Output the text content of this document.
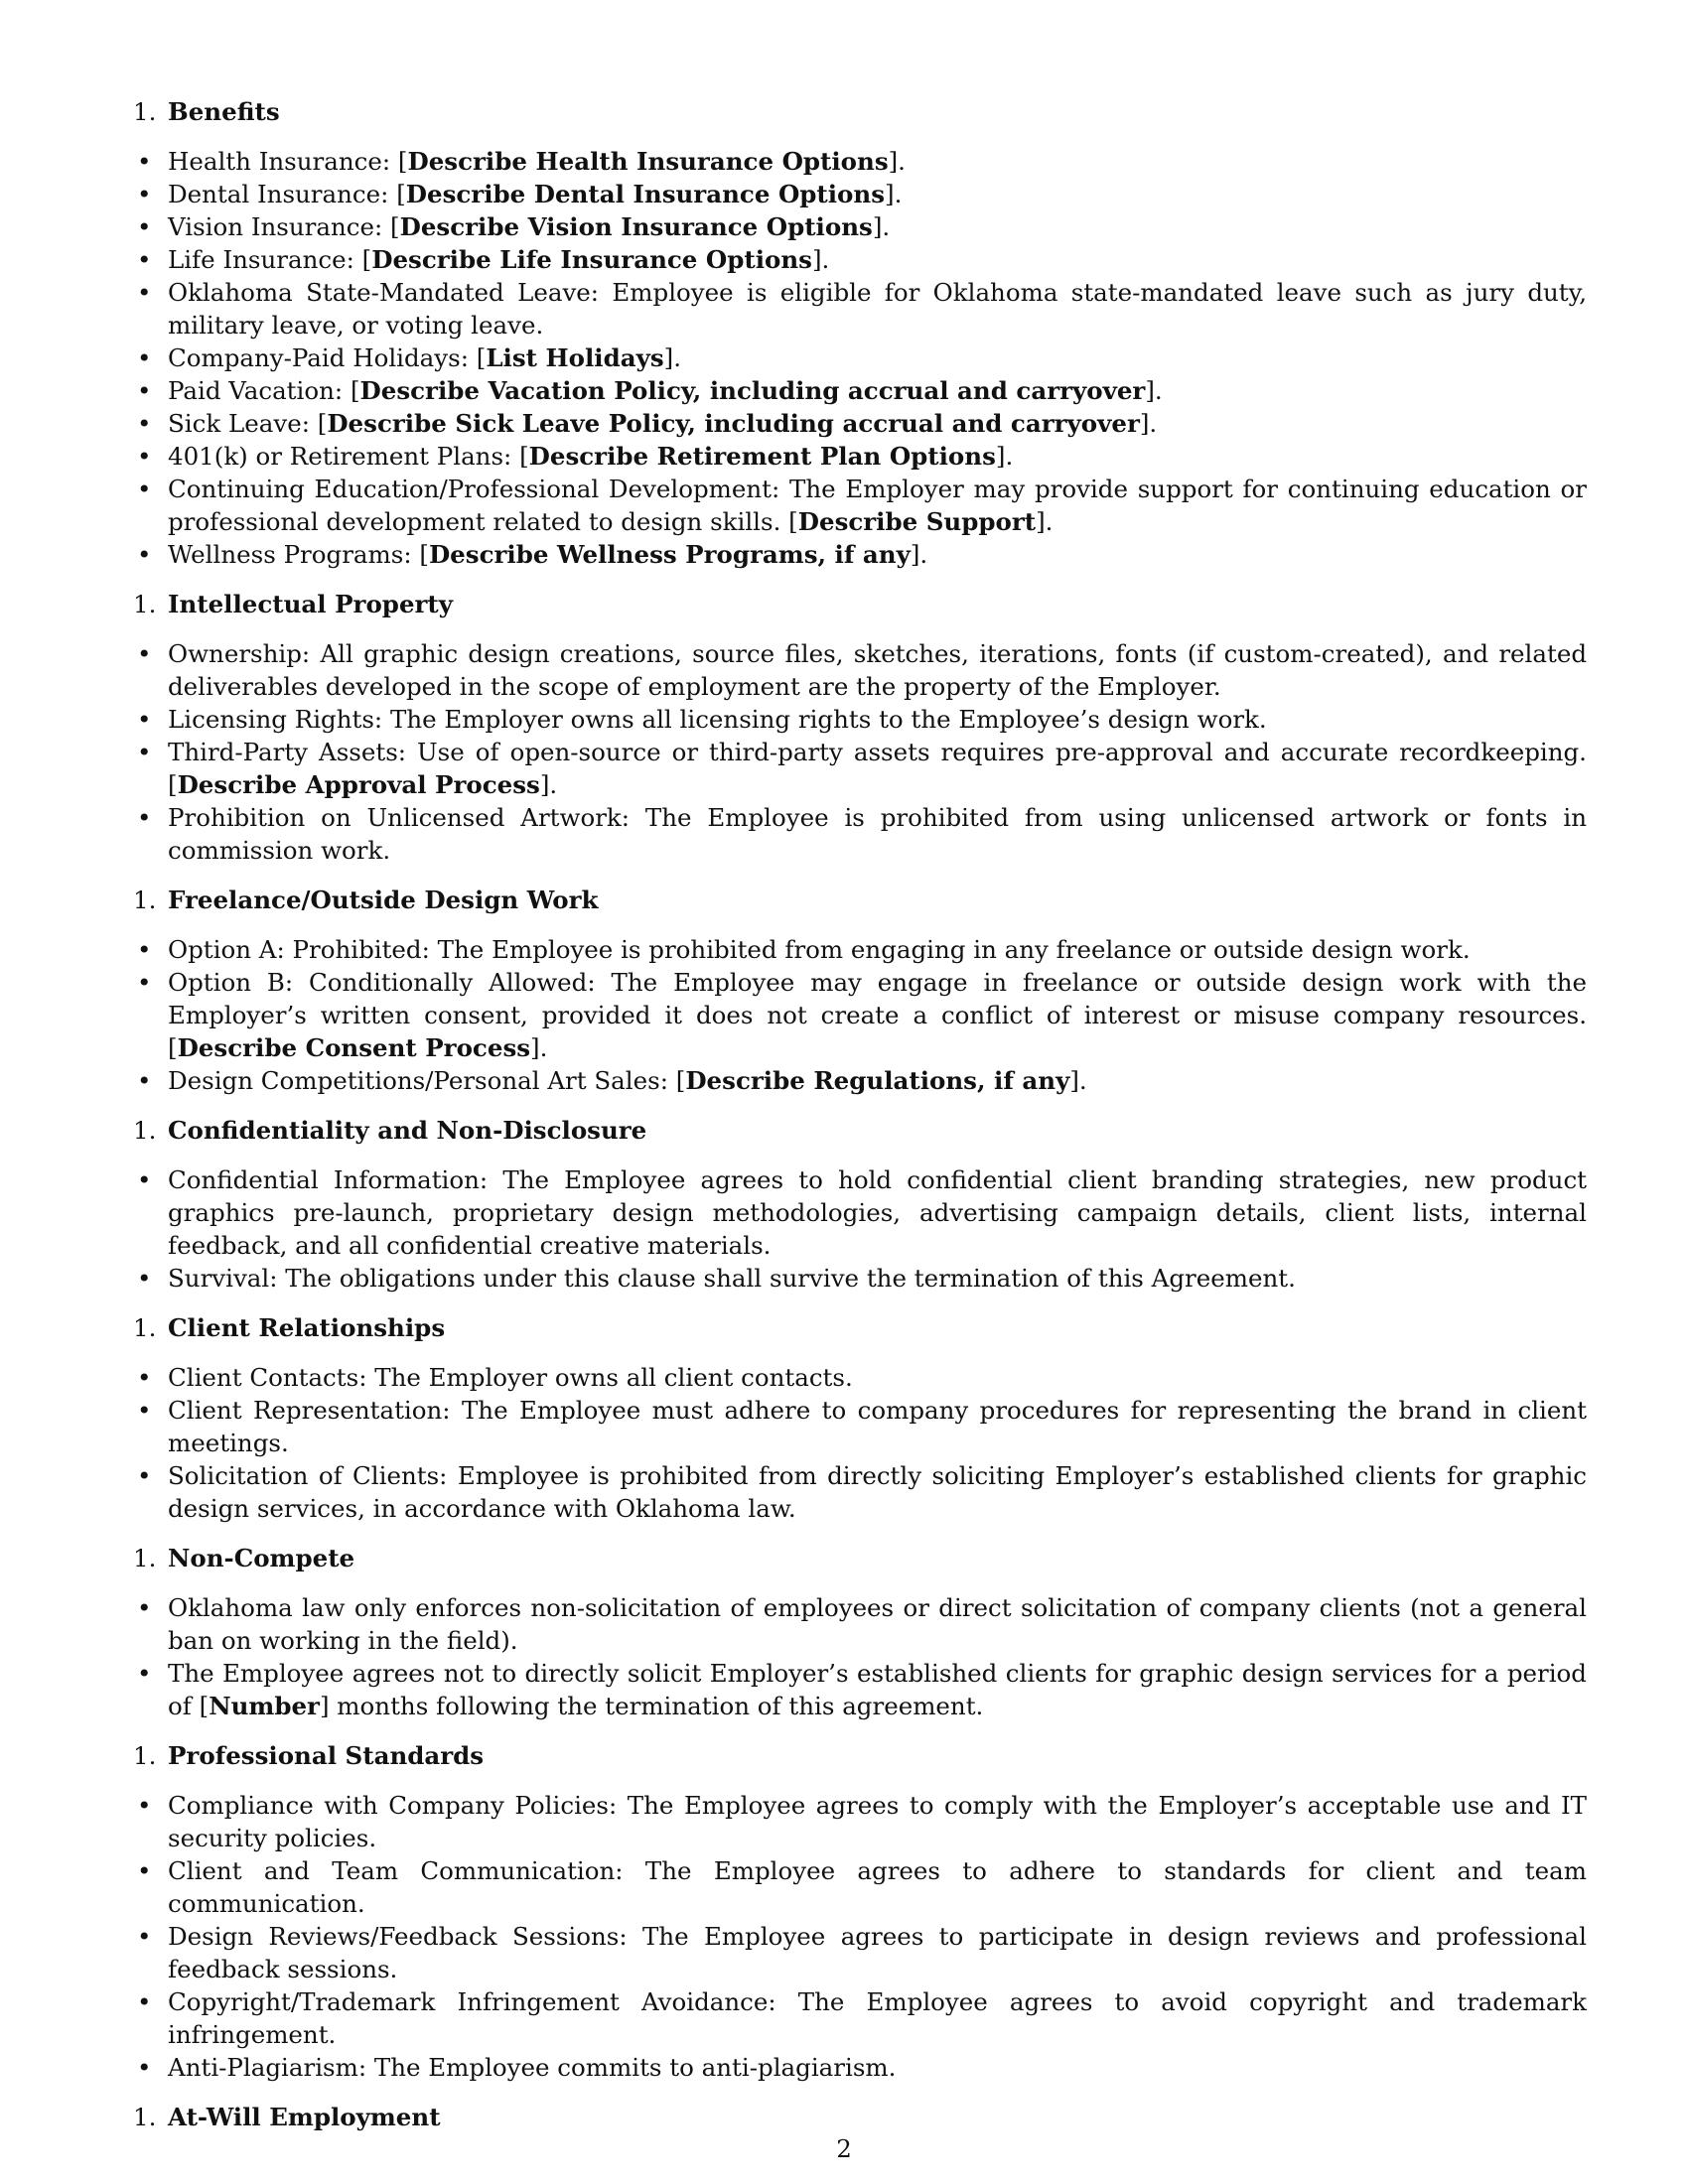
1. Benefits
• Health Insurance: [Describe Health Insurance Options].
• Dental Insurance: [Describe Dental Insurance Options].
• Vision Insurance: [Describe Vision Insurance Options].
• Life Insurance: [Describe Life Insurance Options].
• Oklahoma State-Mandated Leave: Employee is eligible for Oklahoma state-mandated leave such as jury duty, military leave, or voting leave.
• Company-Paid Holidays: [List Holidays].
• Paid Vacation: [Describe Vacation Policy, including accrual and carryover].
• Sick Leave: [Describe Sick Leave Policy, including accrual and carryover].
• 401(k) or Retirement Plans: [Describe Retirement Plan Options].
• Continuing Education/Professional Development: The Employer may provide support for continuing education or professional development related to design skills. [Describe Support].
• Wellness Programs: [Describe Wellness Programs, if any].
1. Intellectual Property
• Ownership: All graphic design creations, source files, sketches, iterations, fonts (if custom-created), and related deliverables developed in the scope of employment are the property of the Employer.
• Licensing Rights: The Employer owns all licensing rights to the Employee’s design work.
• Third-Party Assets: Use of open-source or third-party assets requires pre-approval and accurate recordkeeping. [Describe Approval Process].
• Prohibition on Unlicensed Artwork: The Employee is prohibited from using unlicensed artwork or fonts in commission work.
1. Freelance/Outside Design Work
• Option A: Prohibited: The Employee is prohibited from engaging in any freelance or outside design work.
• Option B: Conditionally Allowed: The Employee may engage in freelance or outside design work with the Employer’s written consent, provided it does not create a conflict of interest or misuse company resources. [Describe Consent Process].
• Design Competitions/Personal Art Sales: [Describe Regulations, if any].
1. Confidentiality and Non-Disclosure
• Confidential Information: The Employee agrees to hold confidential client branding strategies, new product graphics pre-launch, proprietary design methodologies, advertising campaign details, client lists, internal feedback, and all confidential creative materials.
• Survival: The obligations under this clause shall survive the termination of this Agreement.
1. Client Relationships
• Client Contacts: The Employer owns all client contacts.
• Client Representation: The Employee must adhere to company procedures for representing the brand in client meetings.
• Solicitation of Clients: Employee is prohibited from directly soliciting Employer’s established clients for graphic design services, in accordance with Oklahoma law.
1. Non-Compete
• Oklahoma law only enforces non-solicitation of employees or direct solicitation of company clients (not a general ban on working in the field).
• The Employee agrees not to directly solicit Employer’s established clients for graphic design services for a period of [Number] months following the termination of this agreement.
1. Professional Standards
• Compliance with Company Policies: The Employee agrees to comply with the Employer’s acceptable use and IT security policies.
• Client and Team Communication: The Employee agrees to adhere to standards for client and team communication.
• Design Reviews/Feedback Sessions: The Employee agrees to participate in design reviews and professional feedback sessions.
• Copyright/Trademark Infringement Avoidance: The Employee agrees to avoid copyright and trademark infringement.
• Anti-Plagiarism: The Employee commits to anti-plagiarism.
1. At-Will Employment
2
